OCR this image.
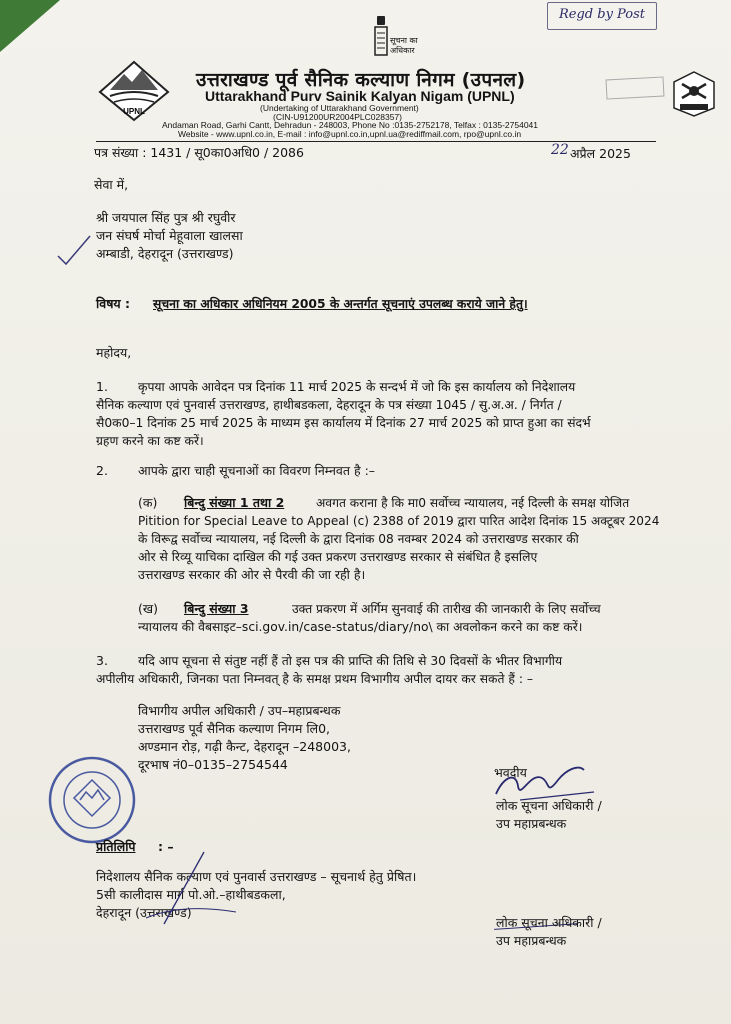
Regd by Post
सूचना का
अधिकार
UPNL
उत्तराखण्ड पूर्व सैनिक कल्याण निगम (उपनल)
Uttarakhand Purv Sainik Kalyan Nigam (UPNL)
(Undertaking of Uttarakhand Government)
(CIN-U91200UR2004PLC028357)
Andaman Road, Garhi Cantt, Dehradun - 248003, Phone No :0135-2752178, Telfax : 0135-2754041
Website - www.upnl.co.in, E-mail : info@upnl.co.in,upnl.ua@rediffmail.com, rpo@upnl.co.in
पत्र संख्या : 1431 / सू0का0अधि0 / 2086	22 अप्रैल 2025
सेवा में,
श्री जयपाल सिंह पुत्र श्री रघुवीर
जन संघर्ष मोर्चा मेहूवाला खालसा
अम्बाडी, देहरादून (उत्तराखण्ड)
विषय : सूचना का अधिकार अधिनियम 2005 के अन्तर्गत सूचनाएं उपलब्ध कराये जाने हेतु।
महोदय,
1. कृपया आपके आवेदन पत्र दिनांक 11 मार्च 2025 के सन्दर्भ में जो कि इस कार्यालय को निदेशालय
सैनिक कल्याण एवं पुनवार्स उत्तराखण्ड, हाथीबडकला, देहरादून के पत्र संख्या 1045 / सु.अ.अ. / निर्गत /
सै0क0–1 दिनांक 25 मार्च 2025 के माध्यम इस कार्यालय में दिनांक 27 मार्च 2025 को प्राप्त हुआ का संदर्भ
ग्रहण करने का कष्ट करें।
2. आपके द्वारा चाही सूचनाओं का विवरण निम्नवत है :–
(क) बिन्दु संख्या 1 तथा 2	अवगत कराना है कि मा0 सर्वोच्च न्यायालय, नई दिल्ली के समक्ष योजित
Pitition for Special Leave to Appeal (c) 2388 of 2019 द्वारा पारित आदेश दिनांक 15 अक्टूबर 2024
के विरूद्व सर्वोच्च न्यायालय, नई दिल्ली के द्वारा दिनांक 08 नवम्बर 2024 को उत्तराखण्ड सरकार की
ओर से रिव्यू याचिका दाखिल की गई उक्त प्रकरण उत्तराखण्ड सरकार से संबंधित है इसलिए
उत्तराखण्ड सरकार की ओर से पैरवी की जा रही है।
(ख) बिन्दु संख्या 3	उक्त प्रकरण में अर्गिम सुनवाई की तारीख की जानकारी के लिए सर्वोच्च
न्यायालय की वैबसाइट–sci.gov.in/case-status/diary/no\ का अवलोकन करने का कष्ट करें।
3. यदि आप सूचना से संतुष्ट नहीं हैं तो इस पत्र की प्राप्ति की तिथि से 30 दिवसों के भीतर विभागीय
अपीलीय अधिकारी, जिनका पता निम्नवत् है के समक्ष प्रथम विभागीय अपील दायर कर सकते हैं : –
विभागीय अपील अधिकारी / उप–महाप्रबन्धक
उत्तराखण्ड पूर्व सैनिक कल्याण निगम लि0,
अण्डमान रोड़, गढ़ी कैन्ट, देहरादून –248003,
दूरभाष नं0–0135–2754544
भवदीय
लोक सूचना अधिकारी /
उप महाप्रबन्धक
प्रतिलिपि : –
निदेशालय सैनिक कल्याण एवं पुनवार्स उत्तराखण्ड – सूचनार्थ हेतु प्रेषित।
5सी कालीदास मार्ग पो.ओ.–हाथीबडकला,
देहरादून (उत्तराखण्ड)
लोक सूचना अधिकारी /
उप महाप्रबन्धक
